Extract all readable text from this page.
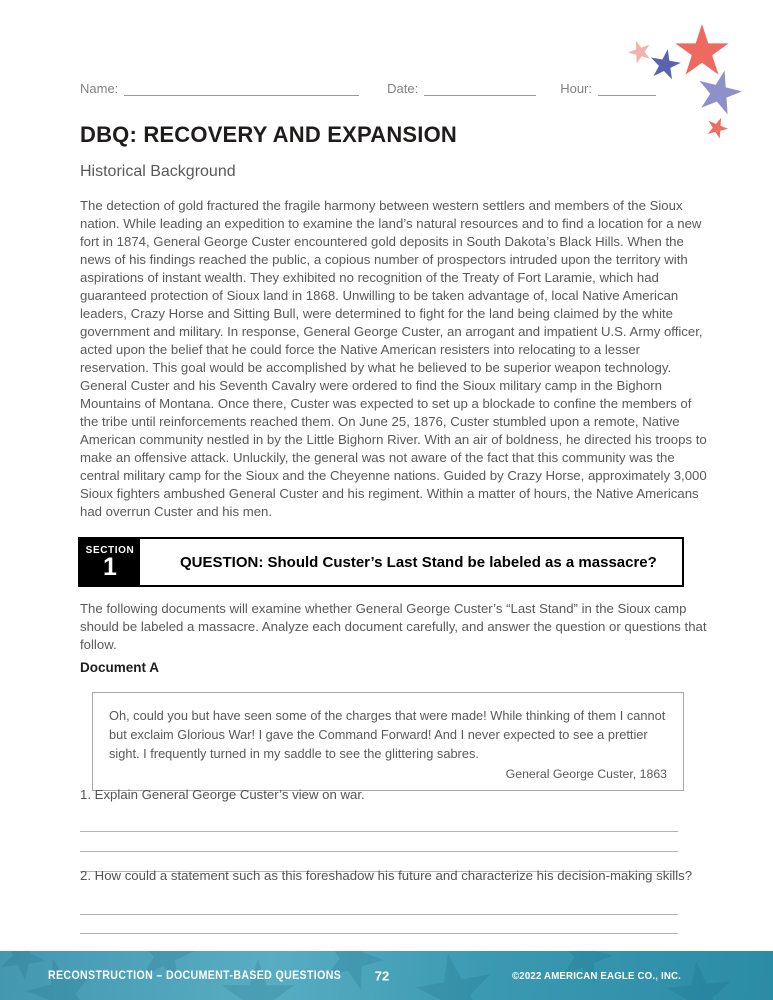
Name:	Date:	Hour:
DBQ: RECOVERY AND EXPANSION
Historical Background
The detection of gold fractured the fragile harmony between western settlers and members of the Sioux nation. While leading an expedition to examine the land’s natural resources and to find a location for a new fort in 1874, General George Custer encountered gold deposits in South Dakota’s Black Hills. When the news of his findings reached the public, a copious number of prospectors intruded upon the territory with aspirations of instant wealth. They exhibited no recognition of the Treaty of Fort Laramie, which had guaranteed protection of Sioux land in 1868. Unwilling to be taken advantage of, local Native American leaders, Crazy Horse and Sitting Bull, were determined to fight for the land being claimed by the white government and military. In response, General George Custer, an arrogant and impatient U.S. Army officer, acted upon the belief that he could force the Native American resisters into relocating to a lesser reservation. This goal would be accomplished by what he believed to be superior weapon technology. General Custer and his Seventh Cavalry were ordered to find the Sioux military camp in the Bighorn Mountains of Montana. Once there, Custer was expected to set up a blockade to confine the members of the tribe until reinforcements reached them. On June 25, 1876, Custer stumbled upon a remote, Native American community nestled in by the Little Bighorn River. With an air of boldness, he directed his troops to make an offensive attack. Unluckily, the general was not aware of the fact that this community was the central military camp for the Sioux and the Cheyenne nations. Guided by Crazy Horse, approximately 3,000 Sioux fighters ambushed General Custer and his regiment. Within a matter of hours, the Native Americans had overrun Custer and his men.
SECTION
1	QUESTION: Should Custer’s Last Stand be labeled as a massacre?
The following documents will examine whether General George Custer’s “Last Stand” in the Sioux camp should be labeled a massacre. Analyze each document carefully, and answer the question or questions that follow.
Document A
Oh, could you but have seen some of the charges that were made! While thinking of them I cannot but exclaim Glorious War! I gave the Command Forward! And I never expected to see a prettier sight. I frequently turned in my saddle to see the glittering sabres.
General George Custer, 1863
1. Explain General George Custer’s view on war.
2. How could a statement such as this foreshadow his future and characterize his decision-making skills?
RECONSTRUCTION – DOCUMENT-BASED QUESTIONS	72	©2022 AMERICAN EAGLE CO., INC.
